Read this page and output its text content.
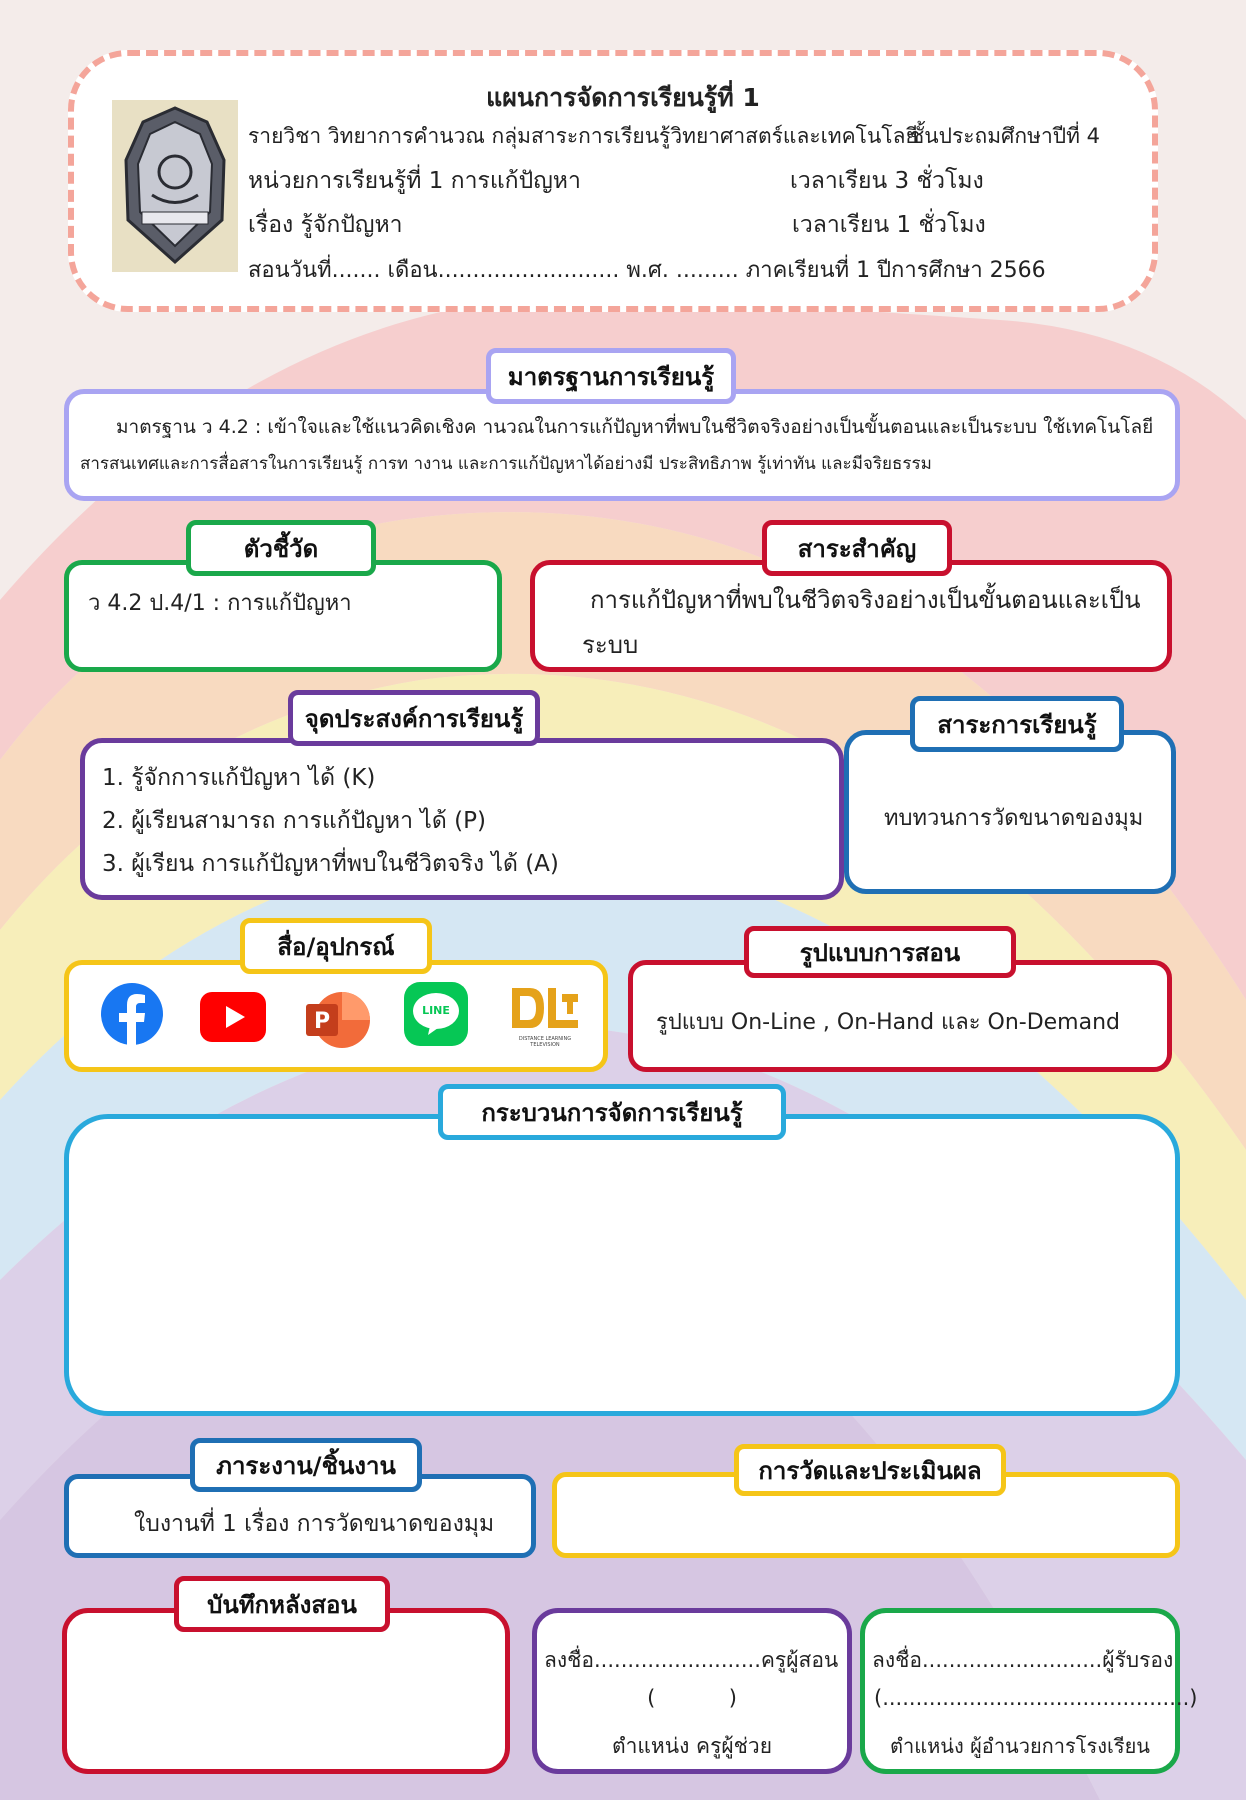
แผนการจัดการเรียนรู้ที่ 1
รายวิชา วิทยาการคำนวณ กลุ่มสาระการเรียนรู้วิทยาศาสตร์และเทคโนโลยี
ชั้นประถมศึกษาปีที่ 4
หน่วยการเรียนรู้ที่ 1 การแก้ปัญหา	เวลาเรียน 3 ชั่วโมง
เรื่อง รู้จักปัญหา	เวลาเรียน 1 ชั่วโมง
สอนวันที่....... เดือน.......................... พ.ศ. ......... ภาคเรียนที่ 1 ปีการศึกษา 2566
มาตรฐานการเรียนรู้
มาตรฐาน ว 4.2 : เข้าใจและใช้แนวคิดเชิงค านวณในการแก้ปัญหาที่พบในชีวิตจริงอย่างเป็นขั้นตอนและเป็นระบบ ใช้เทคโนโลยี
สารสนเทศและการสื่อสารในการเรียนรู้ การท างาน และการแก้ปัญหาได้อย่างมี ประสิทธิภาพ รู้เท่าทัน และมีจริยธรรม
ตัวชี้วัด
ว 4.2 ป.4/1 : การแก้ปัญหา
สาระสำคัญ
การแก้ปัญหาที่พบในชีวิตจริงอย่างเป็นขั้นตอนและเป็น
ระบบ
จุดประสงค์การเรียนรู้
1. รู้จักการแก้ปัญหา ได้ (K)
2. ผู้เรียนสามารถ การแก้ปัญหา ได้ (P)
3. ผู้เรียน การแก้ปัญหาที่พบในชีวิตจริง ได้ (A)
สาระการเรียนรู้
ทบทวนการวัดขนาดของมุม
สื่อ/อุปกรณ์
P	LINE
DISTANCE LEARNING TELEVISION
รูปแบบการสอน
รูปแบบ On-Line , On-Hand และ On-Demand
กระบวนการจัดการเรียนรู้
ภาระงาน/ชิ้นงาน
ใบงานที่ 1 เรื่อง การวัดขนาดของมุม
การวัดและประเมินผล
บันทึกหลังสอน
ลงชื่อ.........................ครูผู้สอน
(           )
ตำแหน่ง ครูผู้ช่วย
ลงชื่อ...........................ผู้รับรอง
(..............................................)
ตำแหน่ง ผู้อำนวยการโรงเรียน
